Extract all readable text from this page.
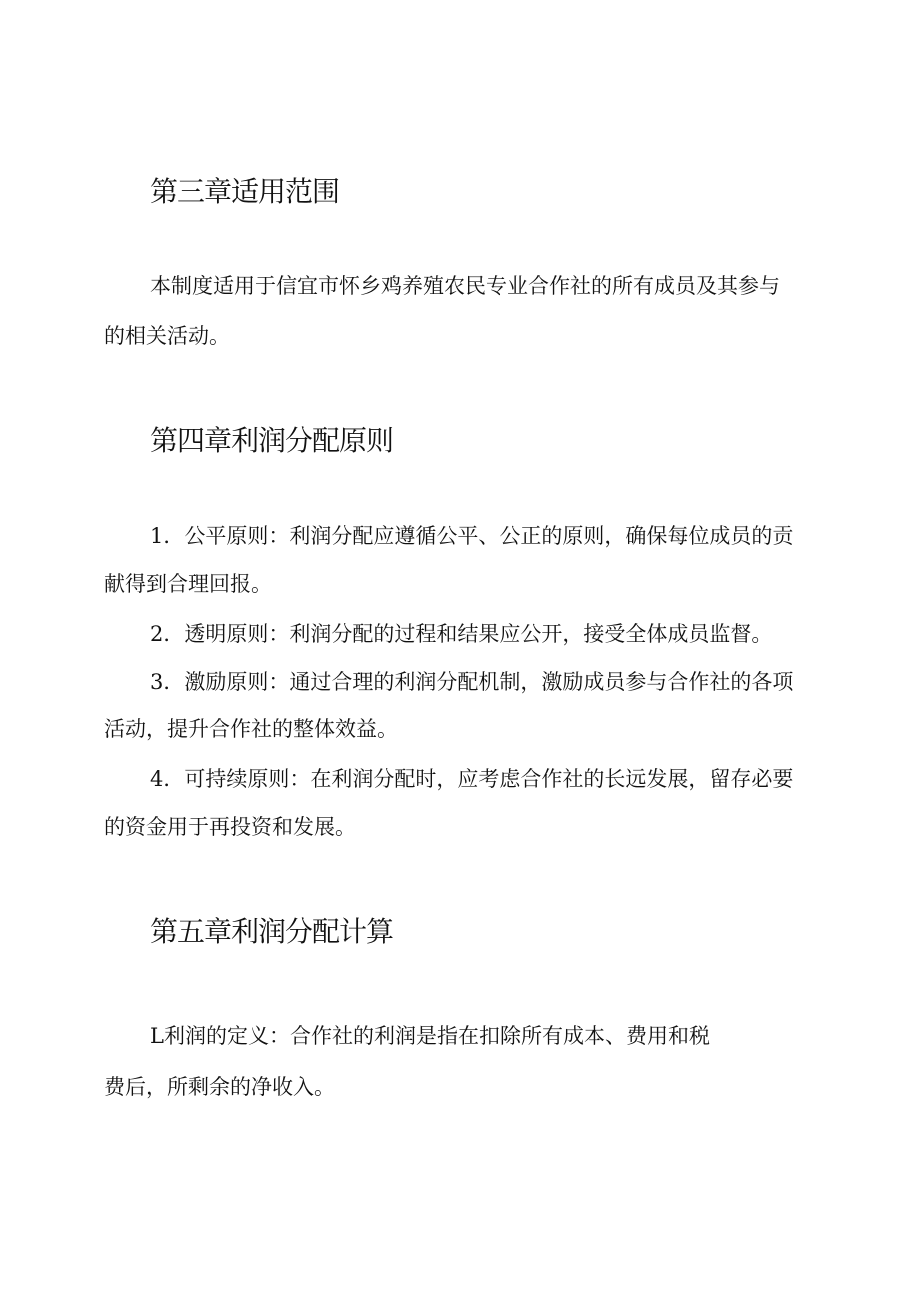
第三章适用范围

本制度适用于信宜市怀乡鸡养殖农民专业合作社的所有成员及其参与

的相关活动。

第四章利润分配原则

1．公平原则：利润分配应遵循公平、公正的原则，确保每位成员的贡

献得到合理回报。

2．透明原则：利润分配的过程和结果应公开，接受全体成员监督。

3．激励原则：通过合理的利润分配机制，激励成员参与合作社的各项

活动，提升合作社的整体效益。

4．可持续原则：在利润分配时，应考虑合作社的长远发展，留存必要

的资金用于再投资和发展。

第五章利润分配计算

L利润的定义：合作社的利润是指在扣除所有成本、费用和税

费后，所剩余的净收入。
